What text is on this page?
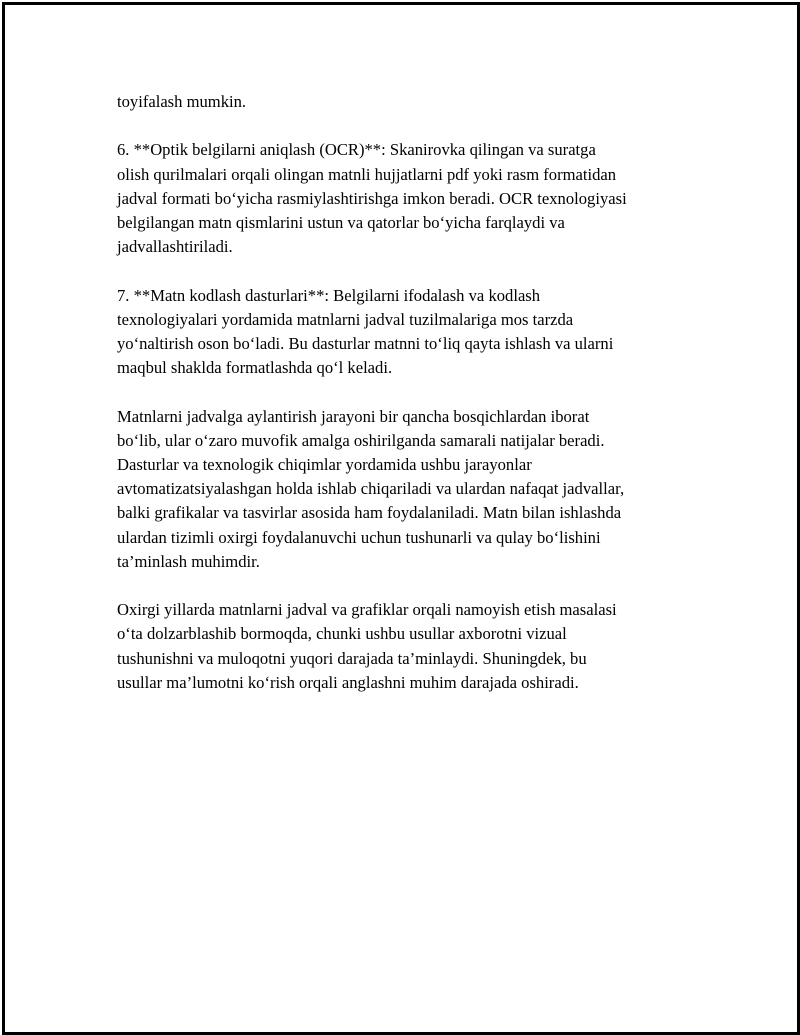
toyifalash mumkin.

6. **Optik belgilarni aniqlash (OCR)**: Skanirovka qilingan va suratga
olish qurilmalari orqali olingan matnli hujjatlarni pdf yoki rasm formatidan
jadval formati bo‘yicha rasmiylashtirishga imkon beradi. OCR texnologiyasi
belgilangan matn qismlarini ustun va qatorlar bo‘yicha farqlaydi va
jadvallashtiriladi.

7. **Matn kodlash dasturlari**: Belgilarni ifodalash va kodlash
texnologiyalari yordamida matnlarni jadval tuzilmalariga mos tarzda
yo‘naltirish oson bo‘ladi. Bu dasturlar matnni to‘liq qayta ishlash va ularni
maqbul shaklda formatlashda qo‘l keladi.

Matnlarni jadvalga aylantirish jarayoni bir qancha bosqichlardan iborat
bo‘lib, ular o‘zaro muvofik amalga oshirilganda samarali natijalar beradi.
Dasturlar va texnologik chiqimlar yordamida ushbu jarayonlar
avtomatizatsiyalashgan holda ishlab chiqariladi va ulardan nafaqat jadvallar,
balki grafikalar va tasvirlar asosida ham foydalaniladi. Matn bilan ishlashda
ulardan tizimli oxirgi foydalanuvchi uchun tushunarli va qulay bo‘lishini
ta’minlash muhimdir.

Oxirgi yillarda matnlarni jadval va grafiklar orqali namoyish etish masalasi
o‘ta dolzarblashib bormoqda, chunki ushbu usullar axborotni vizual
tushunishni va muloqotni yuqori darajada ta’minlaydi. Shuningdek, bu
usullar ma’lumotni ko‘rish orqali anglashni muhim darajada oshiradi.
